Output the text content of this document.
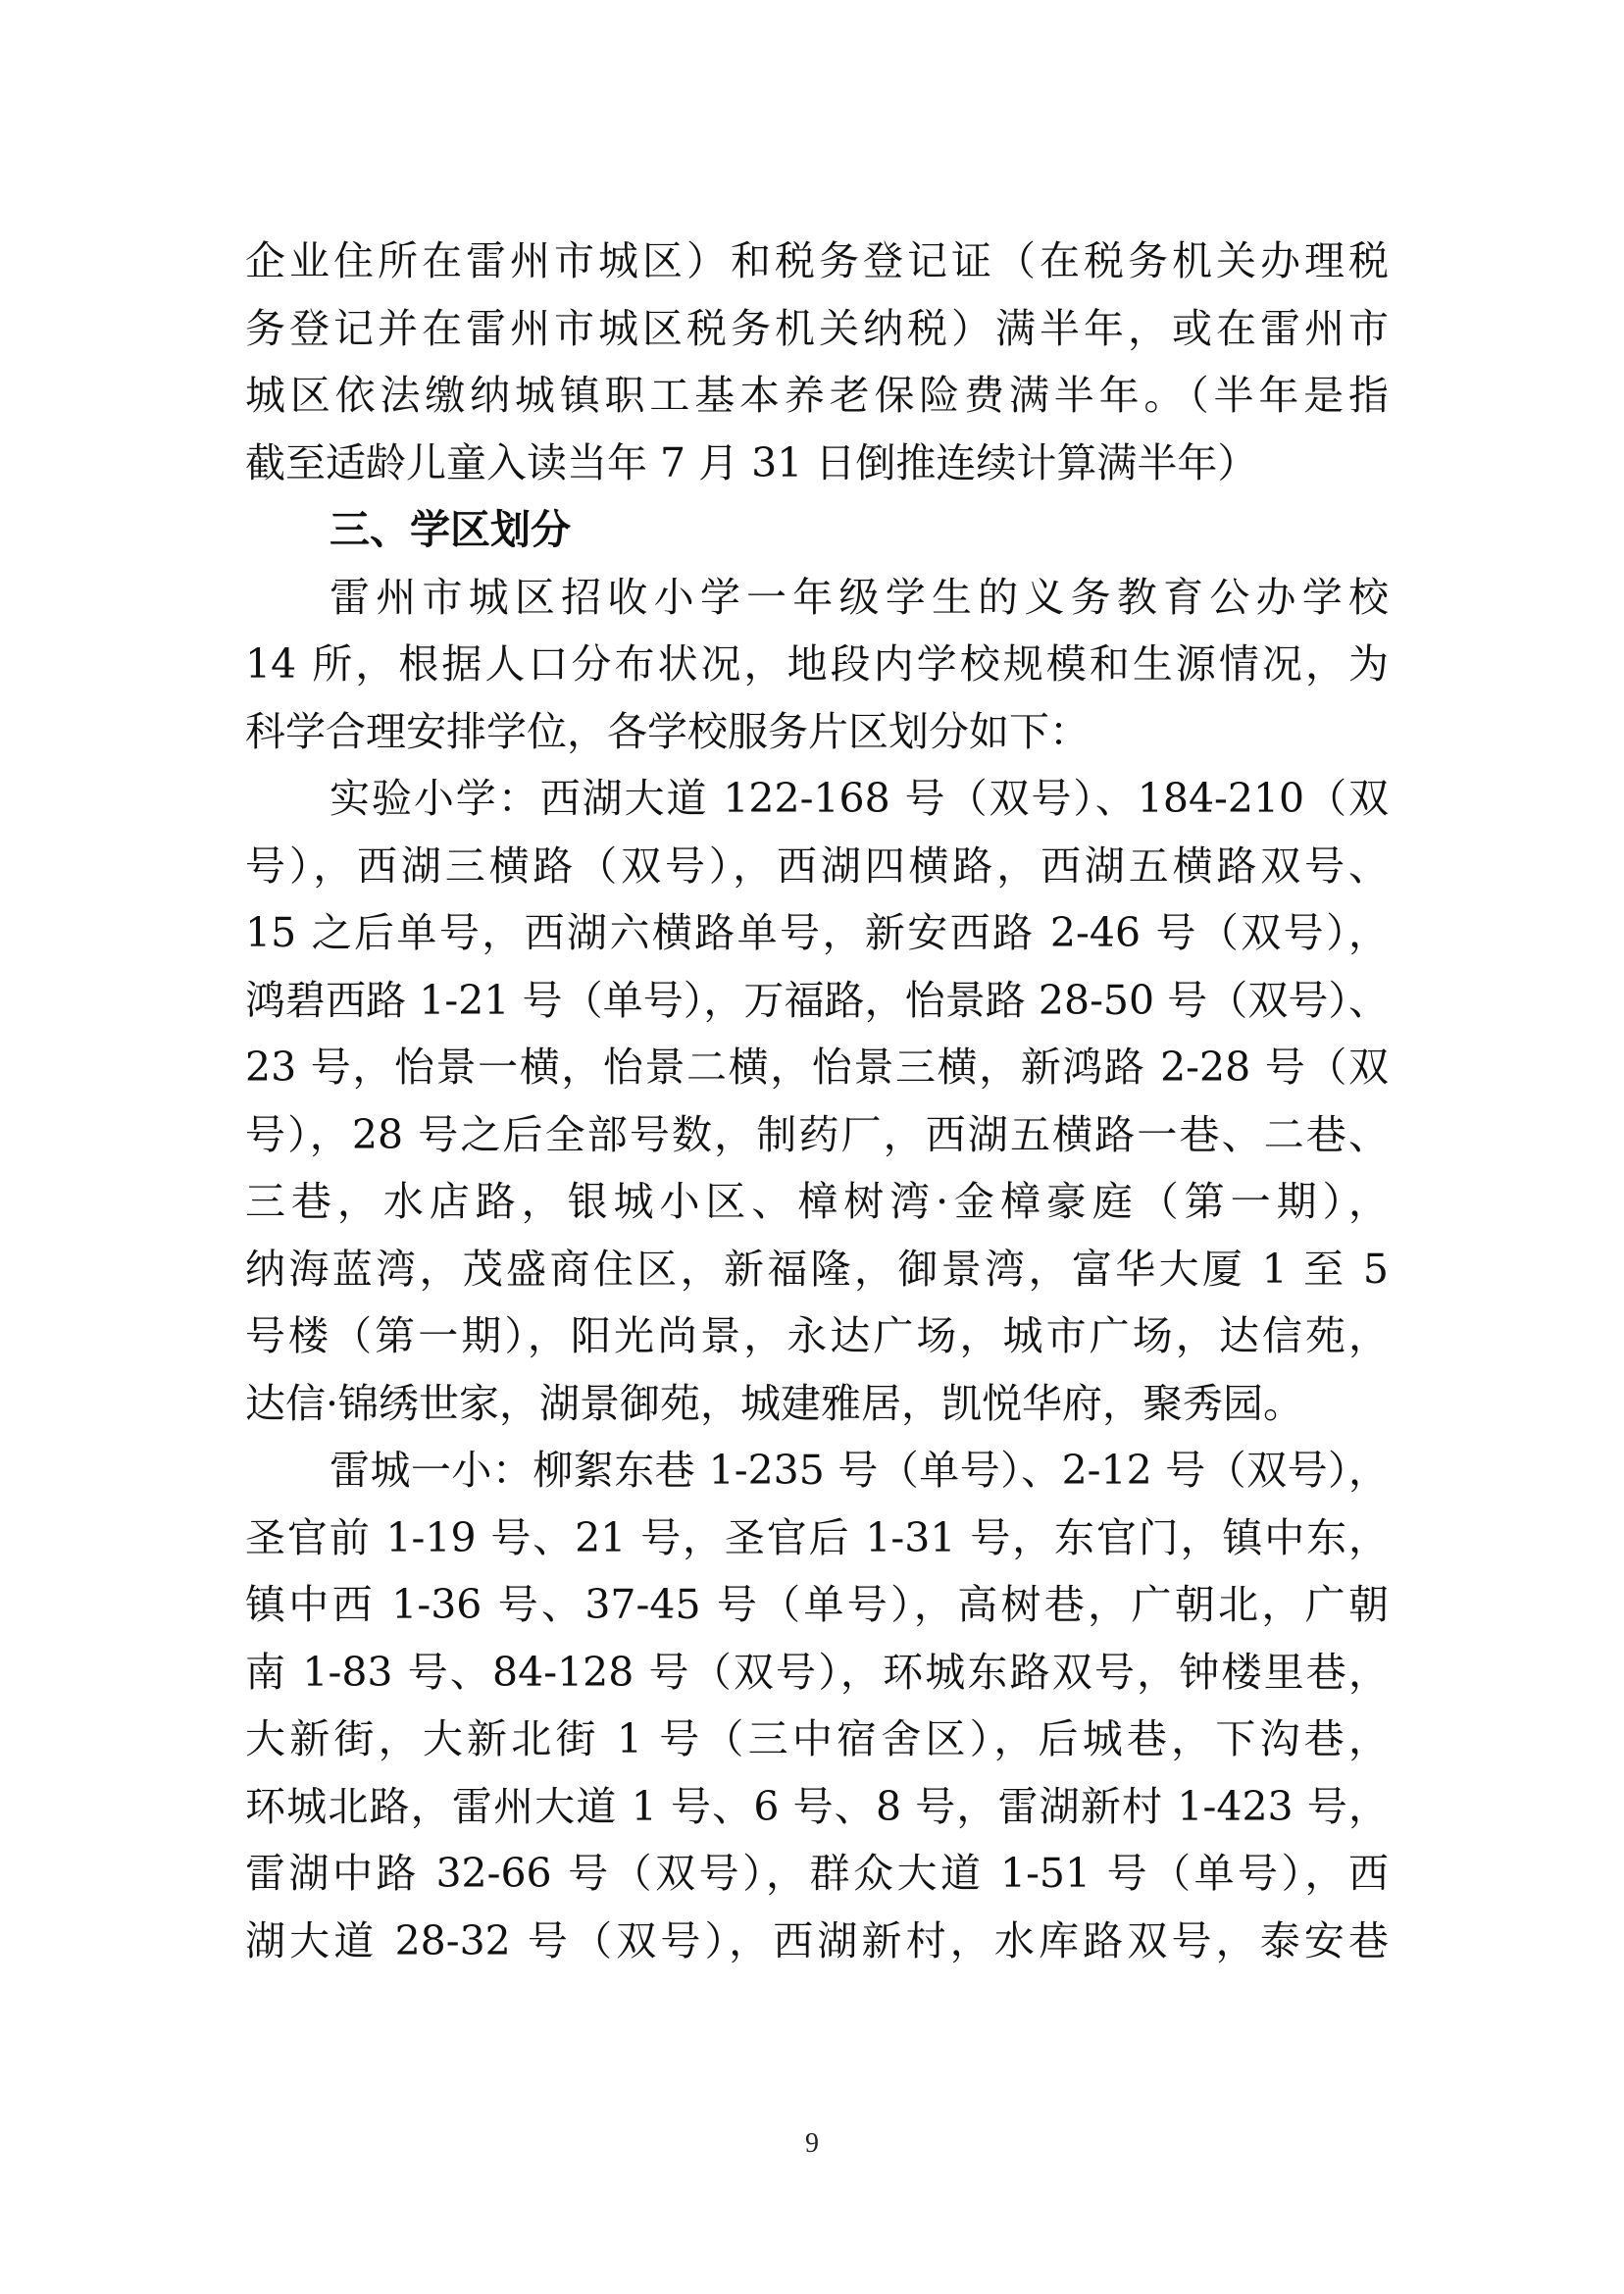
企业住所在雷州市城区）和税务登记证（在税务机关办理税
务登记并在雷州市城区税务机关纳税）满半年，或在雷州市
城区依法缴纳城镇职工基本养老保险费满半年。（半年是指
截至适龄儿童入读当年 7 月 31 日倒推连续计算满半年）
三、学区划分
雷州市城区招收小学一年级学生的义务教育公办学校
14 所，根据人口分布状况，地段内学校规模和生源情况，为
科学合理安排学位，各学校服务片区划分如下：
实验小学：西湖大道 122-168 号（双号）、184-210（双
号），西湖三横路（双号），西湖四横路，西湖五横路双号、
15 之后单号，西湖六横路单号，新安西路 2-46 号（双号），
鸿碧西路 1-21 号（单号），万福路，怡景路 28-50 号（双号）、
23 号，怡景一横，怡景二横，怡景三横，新鸿路 2-28 号（双
号），28 号之后全部号数，制药厂，西湖五横路一巷、二巷、
三巷，水店路，银城小区、樟树湾·金樟豪庭（第一期），
纳海蓝湾，茂盛商住区，新福隆，御景湾，富华大厦 1 至 5
号楼（第一期），阳光尚景，永达广场，城市广场，达信苑，
达信·锦绣世家，湖景御苑，城建雅居，凯悦华府，聚秀园。
雷城一小：柳絮东巷 1-235 号（单号）、2-12 号（双号），
圣官前 1-19 号、21 号，圣官后 1-31 号，东官门，镇中东，
镇中西 1-36 号、37-45 号（单号），高树巷，广朝北，广朝
南 1-83 号、84-128 号（双号），环城东路双号，钟楼里巷，
大新街，大新北街 1 号（三中宿舍区），后城巷，下沟巷，
环城北路，雷州大道 1 号、6 号、8 号，雷湖新村 1-423 号，
雷湖中路 32-66 号（双号），群众大道 1-51 号（单号），西
湖大道 28-32 号（双号），西湖新村，水库路双号，泰安巷
9
